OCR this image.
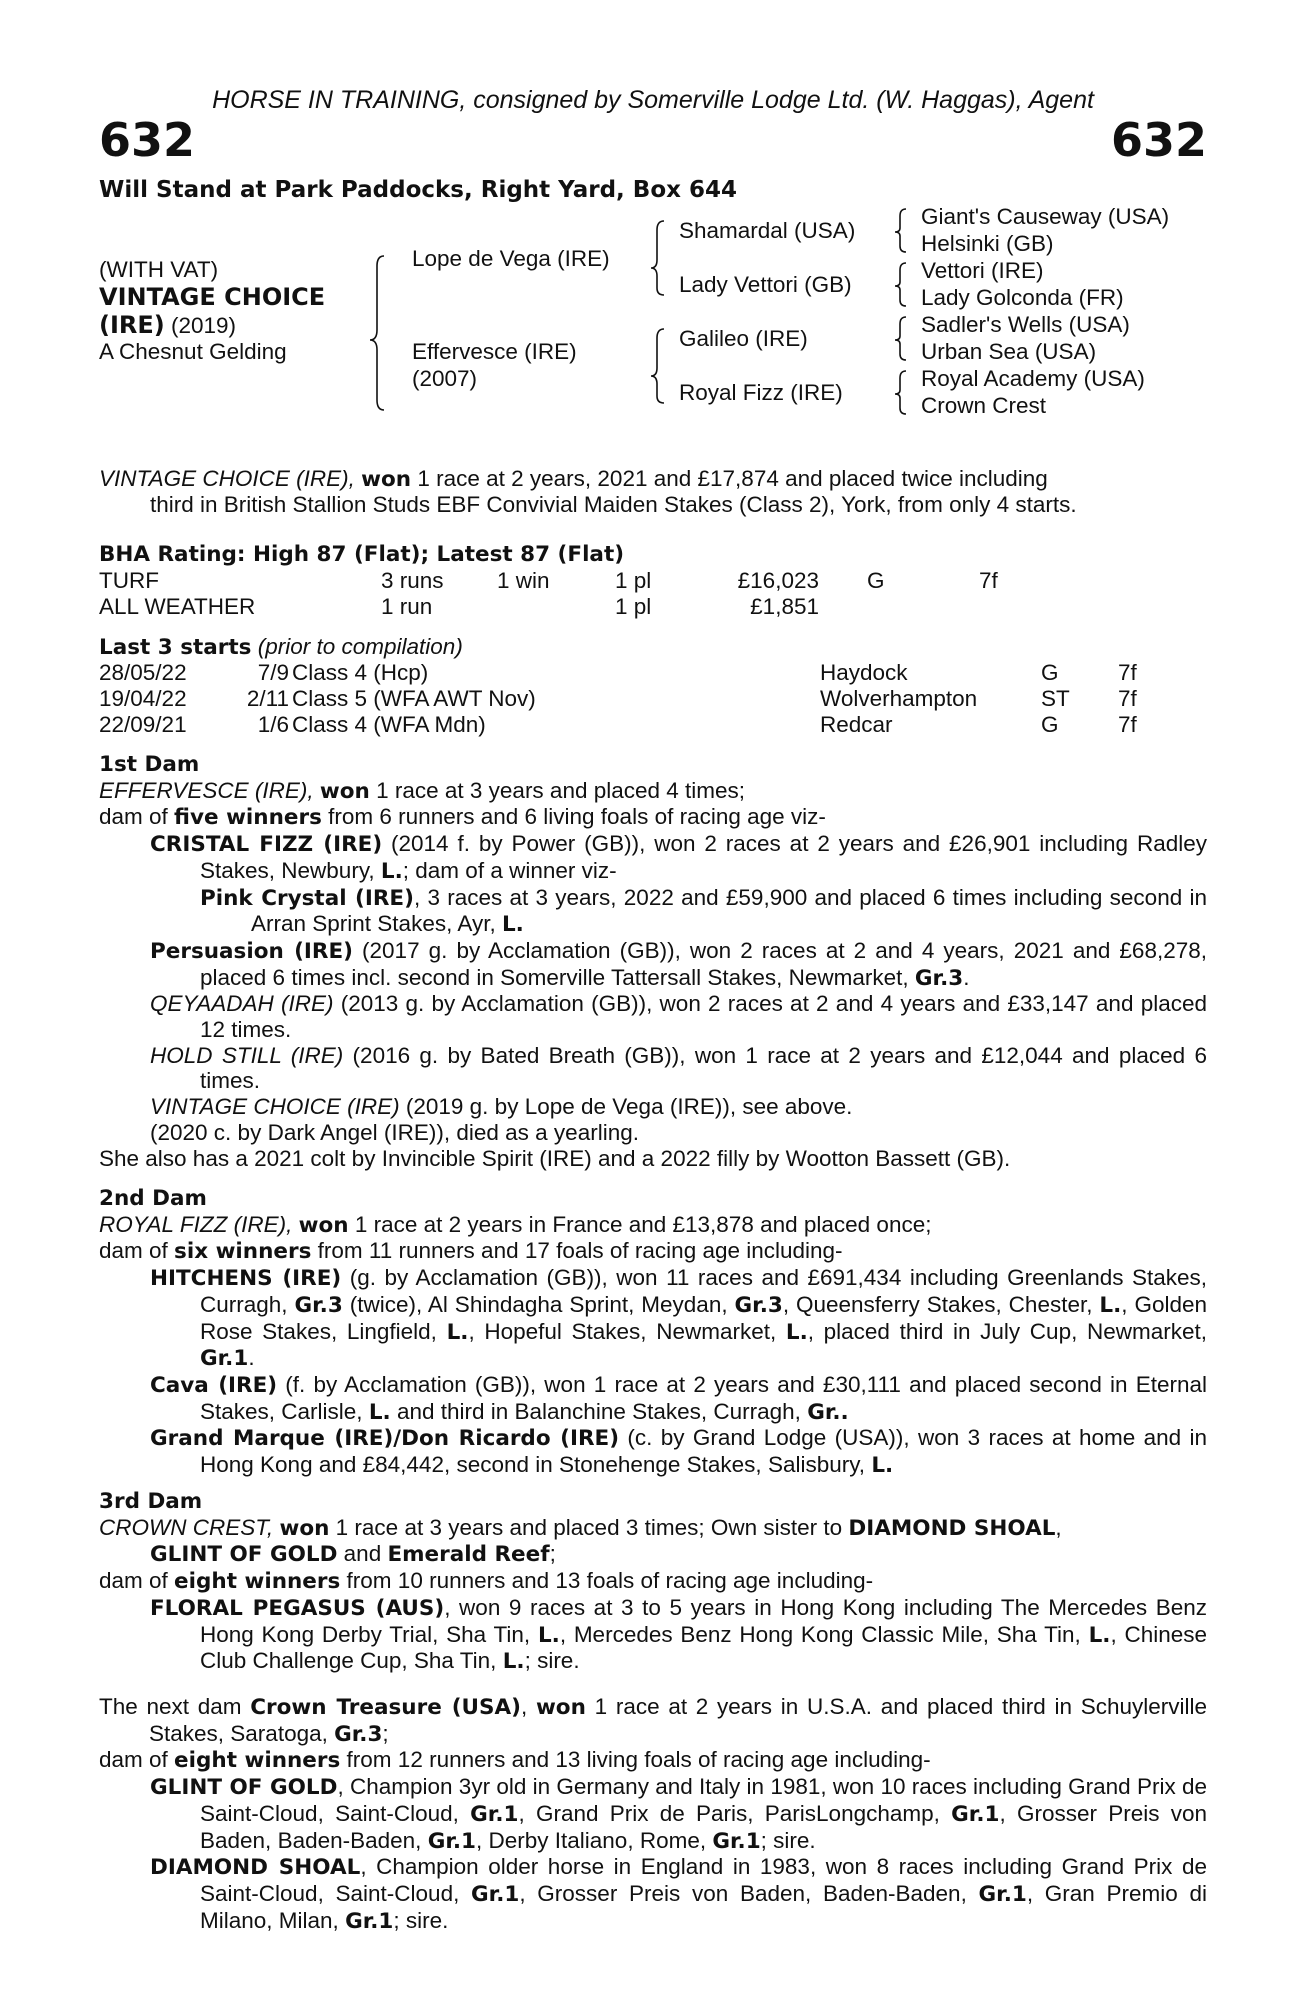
HORSE IN TRAINING, consigned by Somerville Lodge Ltd. (W. Haggas), Agent
632	632
Will Stand at Park Paddocks, Right Yard, Box 644
(WITH VAT)
VINTAGE CHOICE
(IRE) (2019)
A Chesnut Gelding
Lope de Vega (IRE)
Effervesce (IRE)
(2007)
Shamardal (USA)
Lady Vettori (GB)
Galileo (IRE)
Royal Fizz (IRE)
Giant's Causeway (USA)
Helsinki (GB)
Vettori (IRE)
Lady Golconda (FR)
Sadler's Wells (USA)
Urban Sea (USA)
Royal Academy (USA)
Crown Crest
VINTAGE CHOICE (IRE), won 1 race at 2 years, 2021 and £17,874 and placed twice including
third in British Stallion Studs EBF Convivial Maiden Stakes (Class 2), York, from only 4 starts.
BHA Rating: High 87 (Flat); Latest 87 (Flat)
TURF	3 runs 1 win	1 pl	£16,023 G	7f
ALL WEATHER	1 run	1 pl	£1,851
Last 3 starts (prior to compilation)
28/05/22	7/9 Class 4 (Hcp)	Haydock	G	7f
19/04/22	2/11 Class 5 (WFA AWT Nov)	Wolverhampton	ST 7f
22/09/21	1/6 Class 4 (WFA Mdn)	Redcar	G	7f
1st Dam
EFFERVESCE (IRE), won 1 race at 3 years and placed 4 times;
dam of five winners from 6 runners and 6 living foals of racing age viz-
CRISTAL FIZZ (IRE) (2014 f. by Power (GB)), won 2 races at 2 years and £26,901 including Radley Stakes, Newbury, L.; dam of a winner viz-
Pink Crystal (IRE), 3 races at 3 years, 2022 and £59,900 and placed 6 times including second in Arran Sprint Stakes, Ayr, L.
Persuasion (IRE) (2017 g. by Acclamation (GB)), won 2 races at 2 and 4 years, 2021 and £68,278, placed 6 times incl. second in Somerville Tattersall Stakes, Newmarket, Gr.3.
QEYAADAH (IRE) (2013 g. by Acclamation (GB)), won 2 races at 2 and 4 years and £33,147 and placed 12 times.
HOLD STILL (IRE) (2016 g. by Bated Breath (GB)), won 1 race at 2 years and £12,044 and placed 6 times.
VINTAGE CHOICE (IRE) (2019 g. by Lope de Vega (IRE)), see above.
(2020 c. by Dark Angel (IRE)), died as a yearling.
She also has a 2021 colt by Invincible Spirit (IRE) and a 2022 filly by Wootton Bassett (GB).
2nd Dam
ROYAL FIZZ (IRE), won 1 race at 2 years in France and £13,878 and placed once;
dam of six winners from 11 runners and 17 foals of racing age including-
HITCHENS (IRE) (g. by Acclamation (GB)), won 11 races and £691,434 including Greenlands Stakes, Curragh, Gr.3 (twice), Al Shindagha Sprint, Meydan, Gr.3, Queensferry Stakes, Chester, L., Golden Rose Stakes, Lingfield, L., Hopeful Stakes, Newmarket, L., placed third in July Cup, Newmarket, Gr.1.
Cava (IRE) (f. by Acclamation (GB)), won 1 race at 2 years and £30,111 and placed second in Eternal Stakes, Carlisle, L. and third in Balanchine Stakes, Curragh, Gr..
Grand Marque (IRE)/Don Ricardo (IRE) (c. by Grand Lodge (USA)), won 3 races at home and in Hong Kong and £84,442, second in Stonehenge Stakes, Salisbury, L.
3rd Dam
CROWN CREST, won 1 race at 3 years and placed 3 times; Own sister to DIAMOND SHOAL,
GLINT OF GOLD and Emerald Reef;
dam of eight winners from 10 runners and 13 foals of racing age including-
FLORAL PEGASUS (AUS), won 9 races at 3 to 5 years in Hong Kong including The Mercedes Benz Hong Kong Derby Trial, Sha Tin, L., Mercedes Benz Hong Kong Classic Mile, Sha Tin, L., Chinese Club Challenge Cup, Sha Tin, L.; sire.
The next dam Crown Treasure (USA), won 1 race at 2 years in U.S.A. and placed third in Schuylerville Stakes, Saratoga, Gr.3;
dam of eight winners from 12 runners and 13 living foals of racing age including-
GLINT OF GOLD, Champion 3yr old in Germany and Italy in 1981, won 10 races including Grand Prix de Saint-Cloud, Saint-Cloud, Gr.1, Grand Prix de Paris, ParisLongchamp, Gr.1, Grosser Preis von Baden, Baden-Baden, Gr.1, Derby Italiano, Rome, Gr.1; sire.
DIAMOND SHOAL, Champion older horse in England in 1983, won 8 races including Grand Prix de Saint-Cloud, Saint-Cloud, Gr.1, Grosser Preis von Baden, Baden-Baden, Gr.1, Gran Premio di Milano, Milan, Gr.1; sire.
